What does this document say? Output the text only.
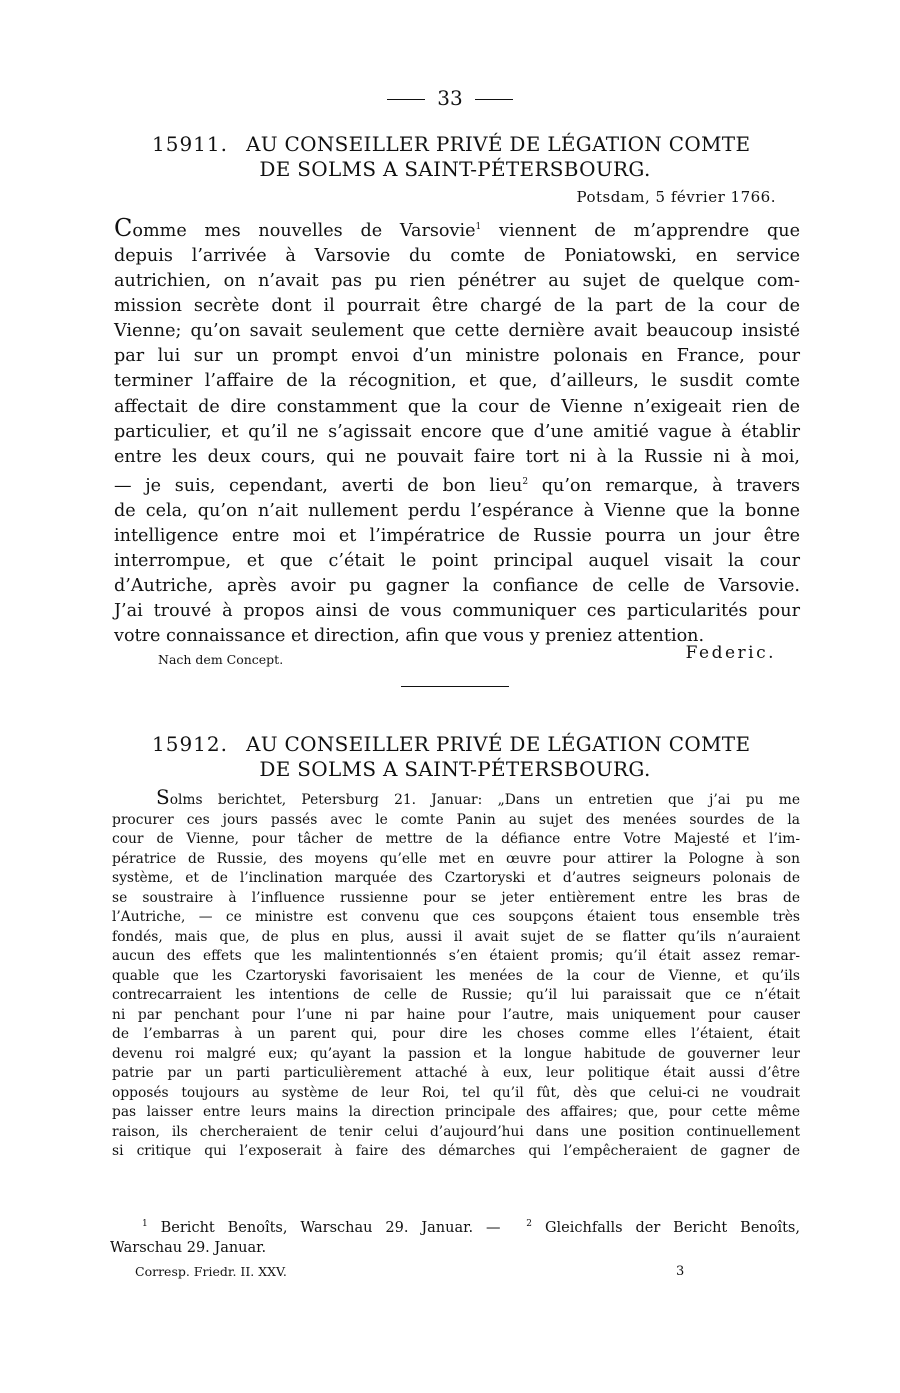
33
15911. AU CONSEILLER PRIVÉ DE LÉGATION COMTE
DE SOLMS A SAINT-PÉTERSBOURG.
Potsdam, 5 février 1766.
Comme mes nouvelles de Varsovie$^1$ viennent de m’apprendre que
depuis l’arrivée à Varsovie du comte de Poniatowski, en service
autrichien, on n’avait pas pu rien pénétrer au sujet de quelque com-
mission secrète dont il pourrait être chargé de la part de la cour de
Vienne; qu’on savait seulement que cette dernière avait beaucoup insisté
par lui sur un prompt envoi d’un ministre polonais en France, pour
terminer l’affaire de la récognition, et que, d’ailleurs, le susdit comte
affectait de dire constamment que la cour de Vienne n’exigeait rien de
particulier, et qu’il ne s’agissait encore que d’une amitié vague à établir
entre les deux cours, qui ne pouvait faire tort ni à la Russie ni à moi,
— je suis, cependant, averti de bon lieu$^2$ qu’on remarque, à travers
de cela, qu’on n’ait nullement perdu l’espérance à Vienne que la bonne
intelligence entre moi et l’impératrice de Russie pourra un jour être
interrompue, et que c’était le point principal auquel visait la cour
d’Autriche, après avoir pu gagner la confiance de celle de Varsovie.
J’ai trouvé à propos ainsi de vous communiquer ces particularités pour
votre connaissance et direction, afin que vous y preniez attention.
Nach dem Concept.	Federic.
15912. AU CONSEILLER PRIVÉ DE LÉGATION COMTE
DE SOLMS A SAINT-PÉTERSBOURG.
Solms berichtet, Petersburg 21. Januar: „Dans un entretien que j’ai pu me
procurer ces jours passés avec le comte Panin au sujet des menées sourdes de la
cour de Vienne, pour tâcher de mettre de la défiance entre Votre Majesté et l’im-
pératrice de Russie, des moyens qu’elle met en œuvre pour attirer la Pologne à son
système, et de l’inclination marquée des Czartoryski et d’autres seigneurs polonais de
se soustraire à l’influence russienne pour se jeter entièrement entre les bras de
l’Autriche, — ce ministre est convenu que ces soupçons étaient tous ensemble très
fondés, mais que, de plus en plus, aussi il avait sujet de se flatter qu’ils n’auraient
aucun des effets que les malintentionnés s’en étaient promis; qu’il était assez remar-
quable que les Czartoryski favorisaient les menées de la cour de Vienne, et qu’ils
contrecarraient les intentions de celle de Russie; qu’il lui paraissait que ce n’était
ni par penchant pour l’une ni par haine pour l’autre, mais uniquement pour causer
de l’embarras à un parent qui, pour dire les choses comme elles l’étaient, était
devenu roi malgré eux; qu’ayant la passion et la longue habitude de gouverner leur
patrie par un parti particulièrement attaché à eux, leur politique était aussi d’être
opposés toujours au système de leur Roi, tel qu’il fût, dès que celui-ci ne voudrait
pas laisser entre leurs mains la direction principale des affaires; que, pour cette même
raison, ils chercheraient de tenir celui d’aujourd’hui dans une position continuellement
si critique qui l’exposerait à faire des démarches qui l’empêcheraient de gagner de
$^1$ Bericht Benoîts, Warschau 29. Januar. —	$^2$ Gleichfalls der Bericht Benoîts,
Warschau 29. Januar.
Corresp. Friedr. II. XXV.	3
